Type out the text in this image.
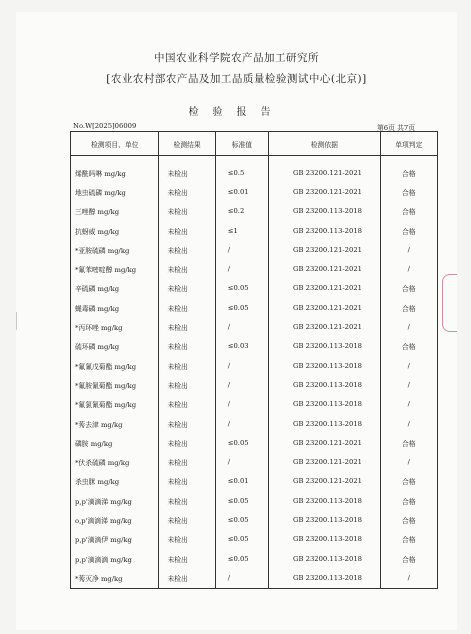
中国农业科学院农产品加工研究所
[农业农村部农产品及加工品质量检验测试中心(北京)]
检验报告
No.W[2025]06009	第6页 共7页
检测项目、单位	检测结果	标准值	检测依据	单项判定

烯酰吗啉 mg/kg	未检出	≤0.5	GB 23200.121-2021	合格
地虫硫磷 mg/kg	未检出	≤0.01	GB 23200.121-2021	合格
三唑醇 mg/kg	未检出	≤0.2	GB 23200.113-2018	合格
抗蚜威 mg/kg	未检出	≤1	GB 23200.113-2018	合格
*亚胺硫磷 mg/kg	未检出	/	GB 23200.121-2021	/
*氟苯嘧啶醇 mg/kg	未检出	/	GB 23200.121-2021	/
辛硫磷 mg/kg	未检出	≤0.05	GB 23200.121-2021	合格
蝇毒磷 mg/kg	未检出	≤0.05	GB 23200.121-2021	合格
*丙环唑 mg/kg	未检出	/	GB 23200.121-2021	/
硫环磷 mg/kg	未检出	≤0.03	GB 23200.113-2018	合格
*氟氰戊菊酯 mg/kg	未检出	/	GB 23200.113-2018	/
*氟胺氰菊酯 mg/kg	未检出	/	GB 23200.113-2018	/
*氟氯氰菊酯 mg/kg	未检出	/	GB 23200.113-2018	/
*莠去津 mg/kg	未检出	/	GB 23200.113-2018	/
磷胺 mg/kg	未检出	≤0.05	GB 23200.121-2021	合格
*伏杀硫磷 mg/kg	未检出	/	GB 23200.121-2021	/
杀虫脒 mg/kg	未检出	≤0.01	GB 23200.121-2021	合格
p,p'滴滴涕 mg/kg	未检出	≤0.05	GB 23200.113-2018	合格
o,p'滴滴涕 mg/kg	未检出	≤0.05	GB 23200.113-2018	合格
p,p'滴滴伊 mg/kg	未检出	≤0.05	GB 23200.113-2018	合格
p,p'滴滴滴 mg/kg	未检出	≤0.05	GB 23200.113-2018	合格
*莠灭净 mg/kg	未检出	/	GB 23200.113-2018	/
